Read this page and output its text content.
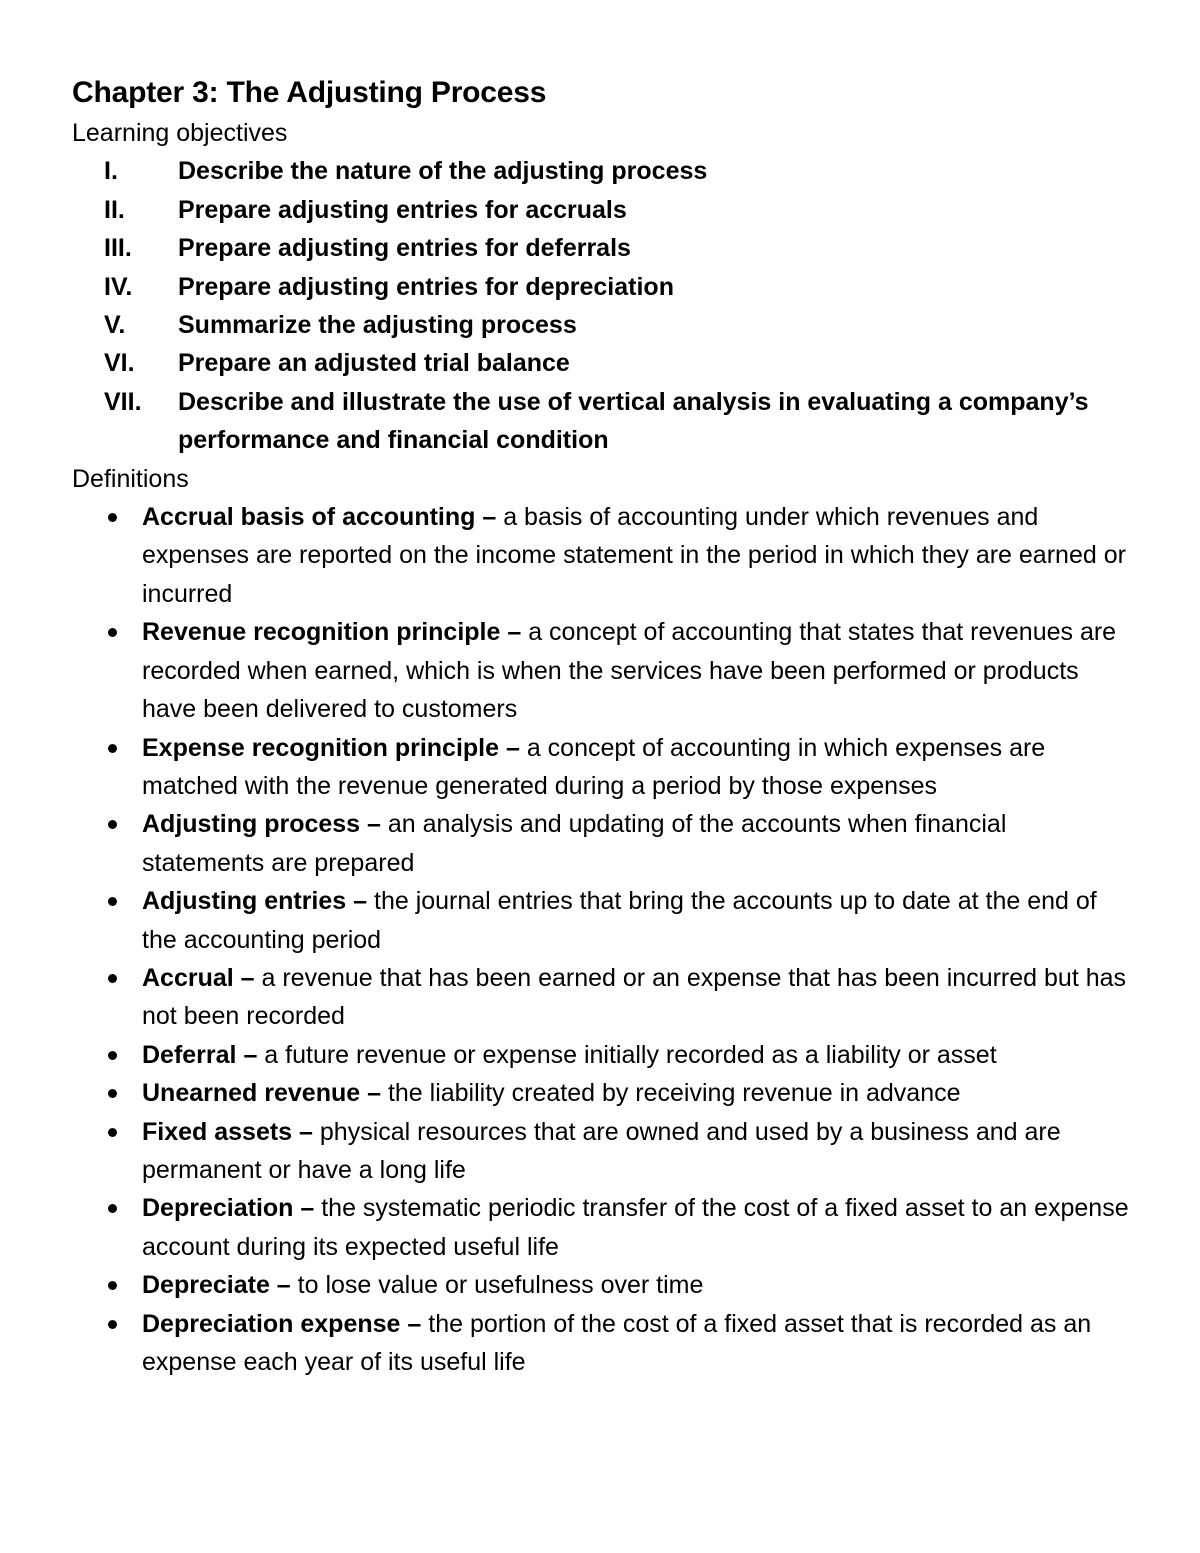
Chapter 3: The Adjusting Process

Learning objectives

I.	Describe the nature of the adjusting process
II.	Prepare adjusting entries for accruals
III.	Prepare adjusting entries for deferrals
IV.	Prepare adjusting entries for depreciation
V.	Summarize the adjusting process
VI.	Prepare an adjusted trial balance
VII.	Describe and illustrate the use of vertical analysis in evaluating a company’s performance and financial condition

Definitions

Accrual basis of accounting – a basis of accounting under which revenues and expenses are reported on the income statement in the period in which they are earned or incurred
Revenue recognition principle – a concept of accounting that states that revenues are recorded when earned, which is when the services have been performed or products have been delivered to customers
Expense recognition principle – a concept of accounting in which expenses are matched with the revenue generated during a period by those expenses
Adjusting process – an analysis and updating of the accounts when financial statements are prepared
Adjusting entries – the journal entries that bring the accounts up to date at the end of the accounting period
Accrual – a revenue that has been earned or an expense that has been incurred but has not been recorded
Deferral – a future revenue or expense initially recorded as a liability or asset
Unearned revenue – the liability created by receiving revenue in advance
Fixed assets – physical resources that are owned and used by a business and are permanent or have a long life
Depreciation – the systematic periodic transfer of the cost of a fixed asset to an expense account during its expected useful life
Depreciate – to lose value or usefulness over time
Depreciation expense – the portion of the cost of a fixed asset that is recorded as an expense each year of its useful life
